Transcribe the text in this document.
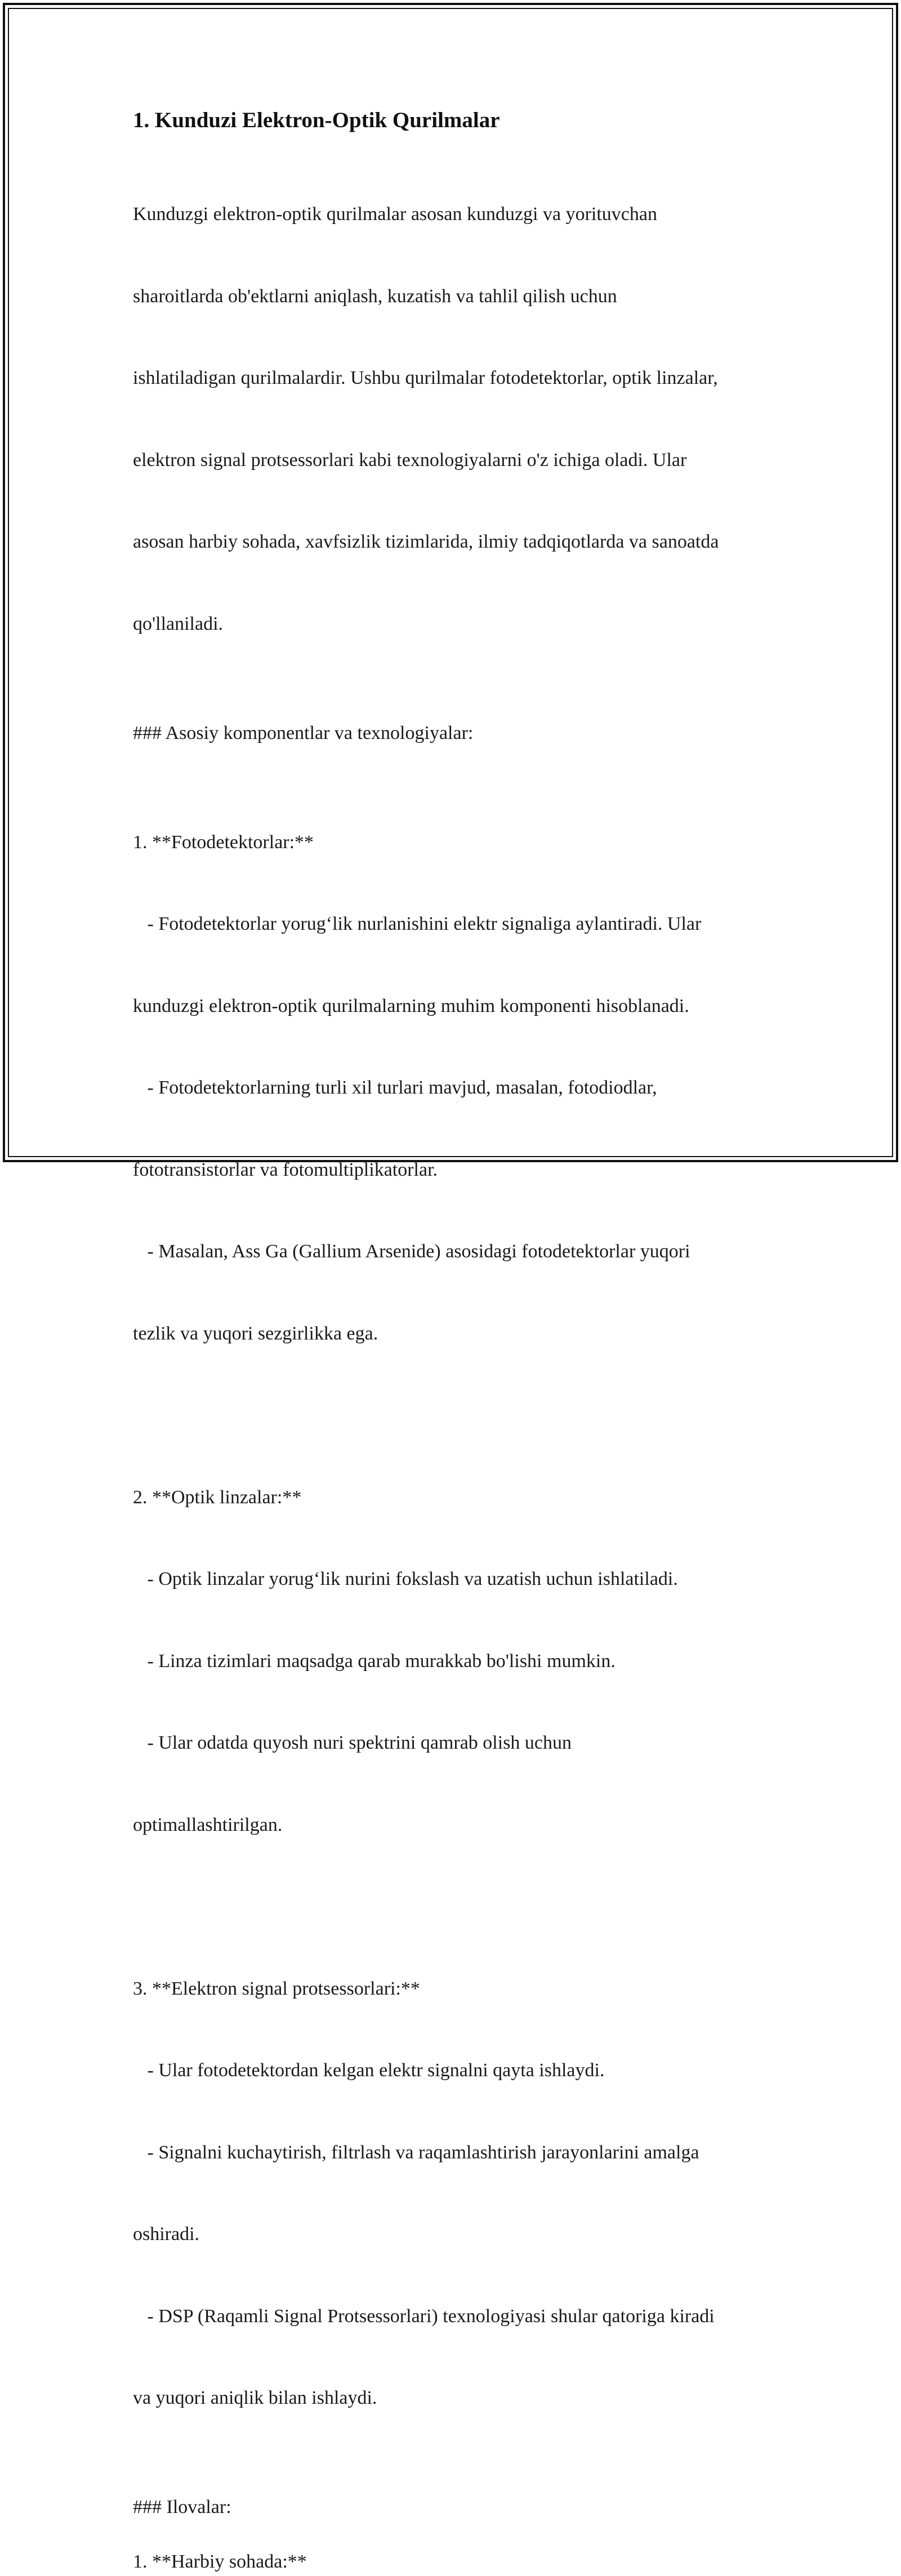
1. Kunduzi Elektron-Optik Qurilmalar

Kunduzgi elektron-optik qurilmalar asosan kunduzgi va yorituvchan

sharoitlarda ob'ektlarni aniqlash, kuzatish va tahlil qilish uchun

ishlatiladigan qurilmalardir. Ushbu qurilmalar fotodetektorlar, optik linzalar,

elektron signal protsessorlari kabi texnologiyalarni o'z ichiga oladi. Ular

asosan harbiy sohada, xavfsizlik tizimlarida, ilmiy tadqiqotlarda va sanoatda

qo'llaniladi.

### Asosiy komponentlar va texnologiyalar:

1. **Fotodetektorlar:**

- Fotodetektorlar yorug‘lik nurlanishini elektr signaliga aylantiradi. Ular

kunduzgi elektron-optik qurilmalarning muhim komponenti hisoblanadi.

- Fotodetektorlarning turli xil turlari mavjud, masalan, fotodiodlar,

fototransistorlar va fotomultiplikatorlar.

- Masalan, Ass Ga (Gallium Arsenide) asosidagi fotodetektorlar yuqori

tezlik va yuqori sezgirlikka ega.

2. **Optik linzalar:**

- Optik linzalar yorug‘lik nurini fokslash va uzatish uchun ishlatiladi.

- Linza tizimlari maqsadga qarab murakkab bo'lishi mumkin.

- Ular odatda quyosh nuri spektrini qamrab olish uchun

optimallashtirilgan.

3. **Elektron signal protsessorlari:**

- Ular fotodetektordan kelgan elektr signalni qayta ishlaydi.

- Signalni kuchaytirish, filtrlash va raqamlashtirish jarayonlarini amalga

oshiradi.

- DSP (Raqamli Signal Protsessorlari) texnologiyasi shular qatoriga kiradi

va yuqori aniqlik bilan ishlaydi.

### Ilovalar:

1. **Harbiy sohada:**
